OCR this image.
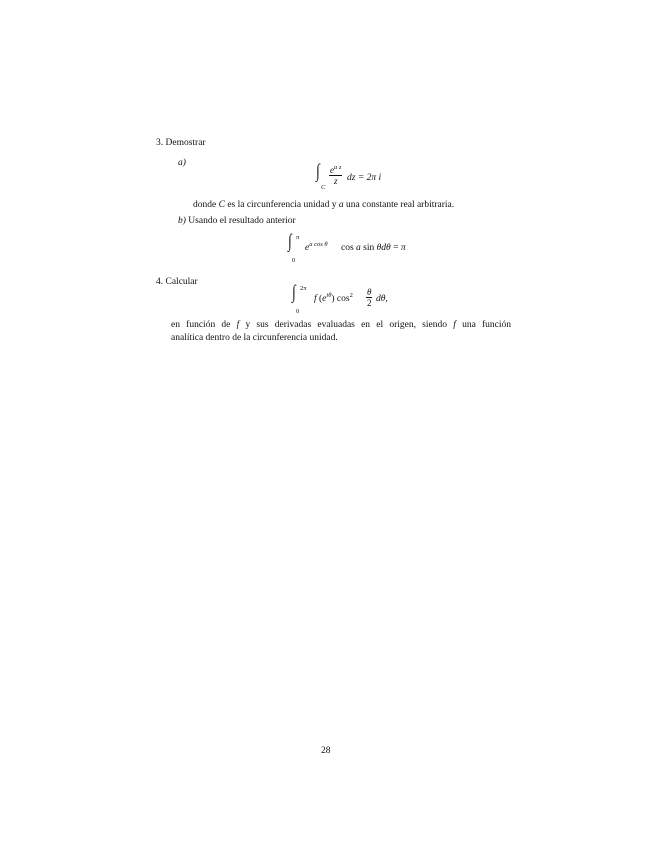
3. Demostrar
a)	∫
C
$\frac{e^{a z}}{z}$ dz = 2π i
donde C es la circunferencia unidad y a una constante real arbitraria.
b) Usando el resultado anterior
∫ π
0
$e^{a cos \theta}$ cos a sin θdθ = π
4. Calcular	∫ 2π
0
f $(e^{i\theta})$ $\cos^2 \frac{\theta}{2} d\theta$,
en función de f y sus derivadas evaluadas en el origen, siendo f una función
analítica dentro de la circunferencia unidad.
28
